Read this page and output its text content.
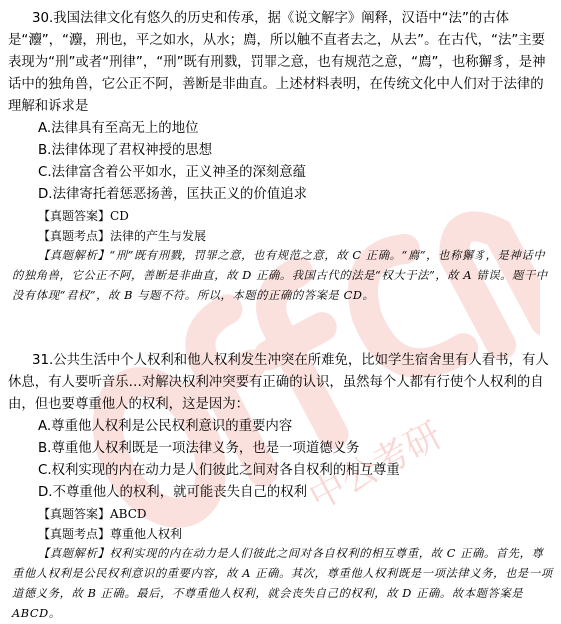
中公考研

30.我国法律文化有悠久的历史和传承，据《说文解字》阐释，汉语中“法”的古体是“灋”，“灋，刑也，平之如水，从水；廌，所以触不直者去之，从去”。在古代，“法”主要表现为“刑”或者“刑律”，“刑”既有刑戮，罚罪之意，也有规范之意，“廌”，也称獬豸，是神话中的独角兽，它公正不阿，善断是非曲直。上述材料表明，在传统文化中人们对于法律的理解和诉求是

A.法律具有至高无上的地位

B.法律体现了君权神授的思想

C.法律富含着公平如水，正义神圣的深刻意蕴

D.法律寄托着惩恶扬善，匡扶正义的价值追求

【真题答案】CD

【真题考点】法律的产生与发展

【真题解析】“刑”既有刑戮，罚罪之意，也有规范之意，故 C 正确。“廌”，也称獬豸，是神话中的独角兽，它公正不阿，善断是非曲直，故 D 正确。我国古代的法是“权大于法”，故 A 错误。题干中没有体现“君权”，故 B 与题不符。所以，本题的正确的答案是 CD。

31.公共生活中个人权利和他人权利发生冲突在所难免，比如学生宿舍里有人看书，有人休息，有人要听音乐…对解决权利冲突要有正确的认识，虽然每个人都有行使个人权利的自由，但也要尊重他人的权利，这是因为：

A.尊重他人权利是公民权利意识的重要内容

B.尊重他人权利既是一项法律义务，也是一项道德义务

C.权利实现的内在动力是人们彼此之间对各自权利的相互尊重

D.不尊重他人的权利，就可能丧失自己的权利

【真题答案】ABCD

【真题考点】尊重他人权利

【真题解析】权利实现的内在动力是人们彼此之间对各自权利的相互尊重，故 C 正确。首先，尊重他人权利是公民权利意识的重要内容，故 A 正确。其次，尊重他人权利既是一项法律义务，也是一项道德义务，故 B 正确。最后，不尊重他人权利，就会丧失自己的权利，故 D 正确。故本题答案是 ABCD。
